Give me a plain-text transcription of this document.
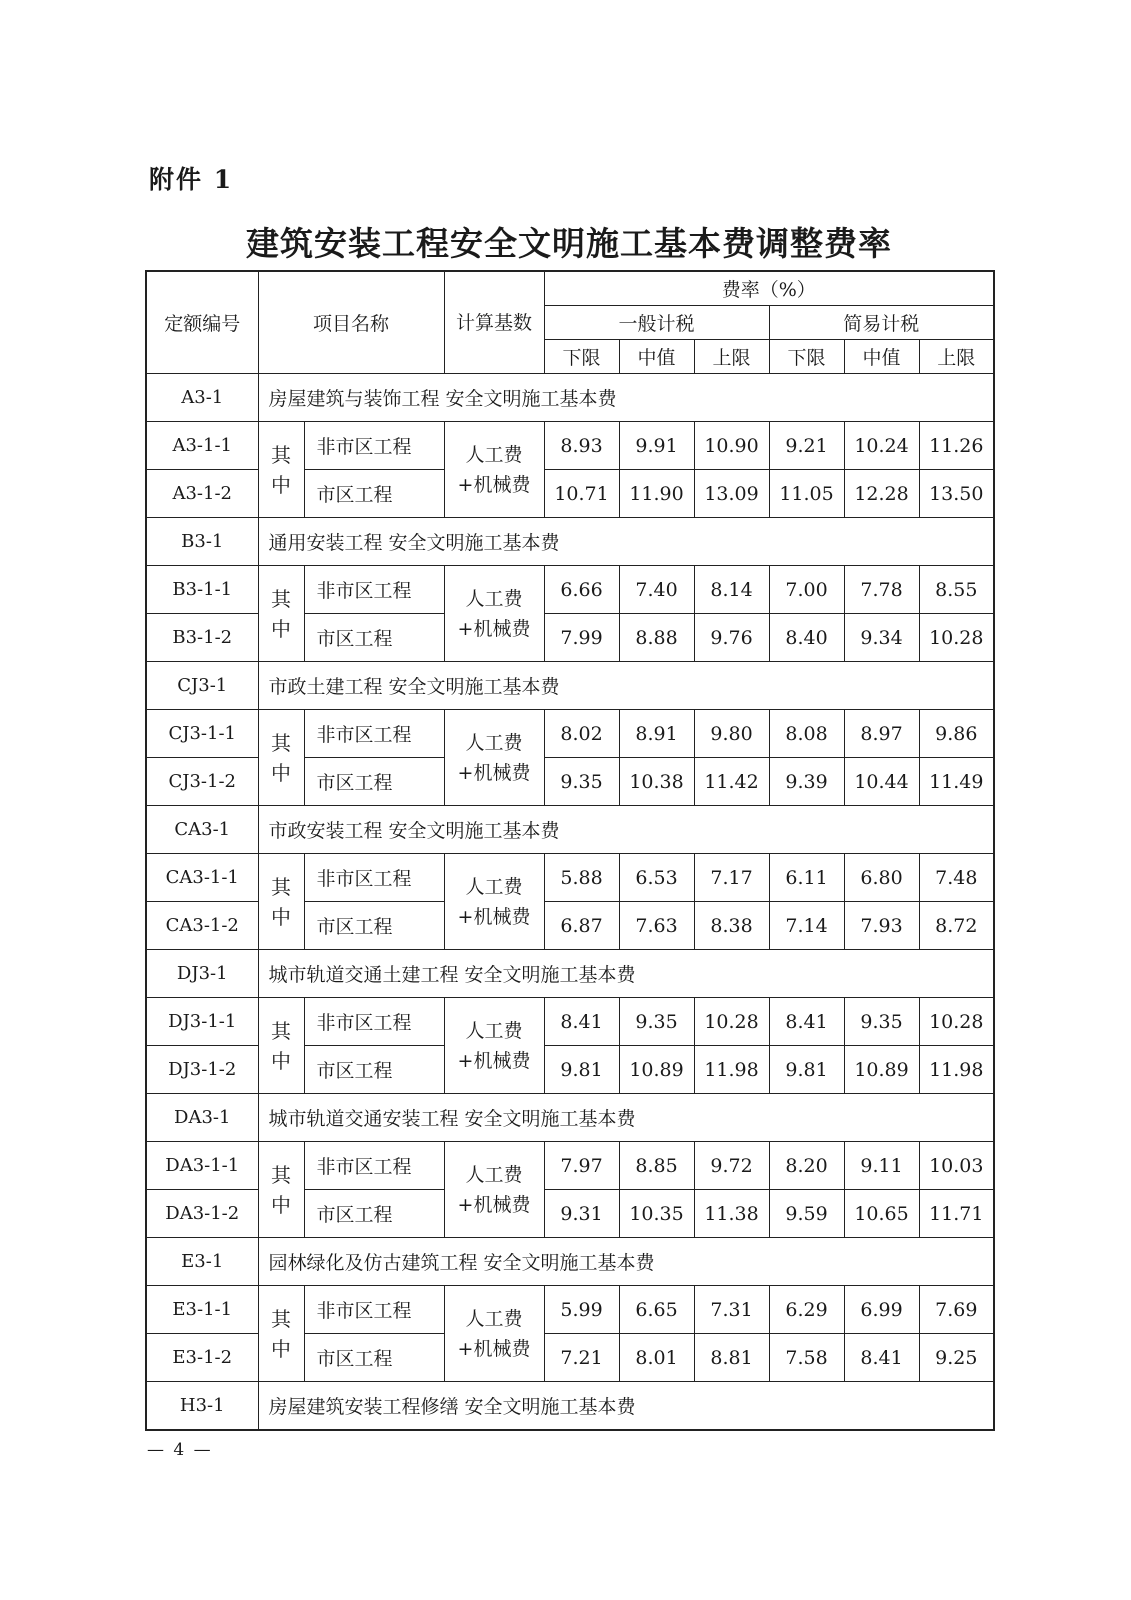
附件 1
建筑安装工程安全文明施工基本费调整费率
定额编号	项目名称		计算基数	费率（%）					
				一般计税			简易计税		
				下限	中值	上限	下限	中值	上限
A3-1	房屋建筑与装饰工程 安全文明施工基本费								
A3-1-1	其中	非市区工程	人工费+机械费	8.93	9.91	10.90	9.21	10.24	11.26
A3-1-2		市区工程		10.71	11.90	13.09	11.05	12.28	13.50
B3-1	通用安装工程 安全文明施工基本费								
B3-1-1	其中	非市区工程	人工费+机械费	6.66	7.40	8.14	7.00	7.78	8.55
B3-1-2		市区工程		7.99	8.88	9.76	8.40	9.34	10.28
CJ3-1	市政土建工程 安全文明施工基本费								
CJ3-1-1	其中	非市区工程	人工费+机械费	8.02	8.91	9.80	8.08	8.97	9.86
CJ3-1-2		市区工程		9.35	10.38	11.42	9.39	10.44	11.49
CA3-1	市政安装工程 安全文明施工基本费								
CA3-1-1	其中	非市区工程	人工费+机械费	5.88	6.53	7.17	6.11	6.80	7.48
CA3-1-2		市区工程		6.87	7.63	8.38	7.14	7.93	8.72
DJ3-1	城市轨道交通土建工程 安全文明施工基本费								
DJ3-1-1	其中	非市区工程	人工费+机械费	8.41	9.35	10.28	8.41	9.35	10.28
DJ3-1-2		市区工程		9.81	10.89	11.98	9.81	10.89	11.98
DA3-1	城市轨道交通安装工程 安全文明施工基本费								
DA3-1-1	其中	非市区工程	人工费+机械费	7.97	8.85	9.72	8.20	9.11	10.03
DA3-1-2		市区工程		9.31	10.35	11.38	9.59	10.65	11.71
E3-1	园林绿化及仿古建筑工程 安全文明施工基本费								
E3-1-1	其中	非市区工程	人工费+机械费	5.99	6.65	7.31	6.29	6.99	7.69
E3-1-2		市区工程		7.21	8.01	8.81	7.58	8.41	9.25
H3-1	房屋建筑安装工程修缮 安全文明施工基本费								
— 4 —
